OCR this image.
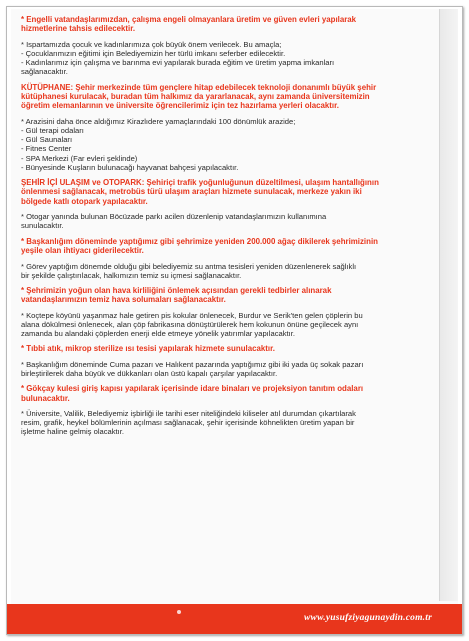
* Engelli vatandaşlarımızdan, çalışma engeli olmayanlara üretim ve güven evleri yapılarak
hizmetlerine tahsis edilecektir.
* Ispartamızda çocuk ve kadınlarımıza çok büyük önem verilecek. Bu amaçla;
- Çocuklarımızın eğitimi için Belediyemizin her türlü imkanı seferber edilecektir.
- Kadınlarımız için çalışma ve barınma evi yapılarak burada eğitim ve üretim yapma imkanları
sağlanacaktır.
KÜTÜPHANE: Şehir merkezinde tüm gençlere hitap edebilecek teknoloji donanımlı büyük şehir
kütüphanesi kurulacak, buradan tüm halkımız da yararlanacak, aynı zamanda üniversitemizin
öğretim elemanlarının ve üniversite öğrencilerimiz için tez hazırlama yerleri olacaktır.
* Arazisini daha önce aldığımız Kirazlıdere yamaçlarındaki 100 dönümlük arazide;
- Gül terapi odaları
- Gül Saunaları
- Fitnes Center
- SPA Merkezi (Far evleri şeklinde)
- Bünyesinde Kuşların bulunacağı hayvanat bahçesi yapılacaktır.
ŞEHİR İÇİ ULAŞIM ve OTOPARK: Şehiriçi trafik yoğunluğunun düzeltilmesi, ulaşım hantallığının
önlenmesi sağlanacak, metrobüs türü ulaşım araçları hizmete sunulacak, merkeze yakın iki
bölgede katlı otopark yapılacaktır.
* Otogar yanında bulunan Böcüzade parkı acilen düzenlenip vatandaşlarımızın kullanımına
sunulacaktır.
* Başkanlığım döneminde yaptığımız gibi şehrimize yeniden 200.000 ağaç dikilerek şehrimizinin
yeşile olan ihtiyacı giderilecektir.
* Görev yaptığım dönemde olduğu gibi belediyemiz su antma tesisleri yeniden düzenlenerek sağlıklı
bir şekilde çalıştırılacak, halkımızın temiz su içmesi sağlanacaktır.
* Şehrimizin yoğun olan hava kirliliğini önlemek açısından gerekli tedbirler alınarak
vatandaşlarımızın temiz hava solumaları sağlanacaktır.
* Koçtepe köyünü yaşanmaz hale getiren pis kokular önlenecek, Burdur ve Serik'ten gelen çöplerin bu
alana dökülmesi önlenecek, alan çöp fabrikasına dönüştürülerek hem kokunun önüne geçilecek aynı
zamanda bu alandaki çöplerden enerji elde etmeye yönelik yatırımlar yapılacaktır.
* Tıbbi atık, mikrop sterilize ısı tesisi yapılarak hizmete sunulacaktır.
* Başkanlığım döneminde Cuma pazarı ve Halıkent pazarında yaptığımız gibi iki yada üç sokak pazarı
birleştirilerek daha büyük ve dükkanları olan üstü kapalı çarşılar yapılacaktır.
* Gökçay kulesi giriş kapısı yapılarak içerisinde idare binaları ve projeksiyon tanıtım odaları
bulunacaktır.
* Üniversite, Valilik, Belediyemiz işbirliği ile tarihi eser niteliğindeki kiliseler atıl durumdan çıkartılarak
resim, grafik, heykel bölümlerinin açılması sağlanacak, şehir içerisinde köhnelikten üretim yapan bir
işletme haline gelmiş olacaktır.
www.yusufziyagunaydin.com.tr
